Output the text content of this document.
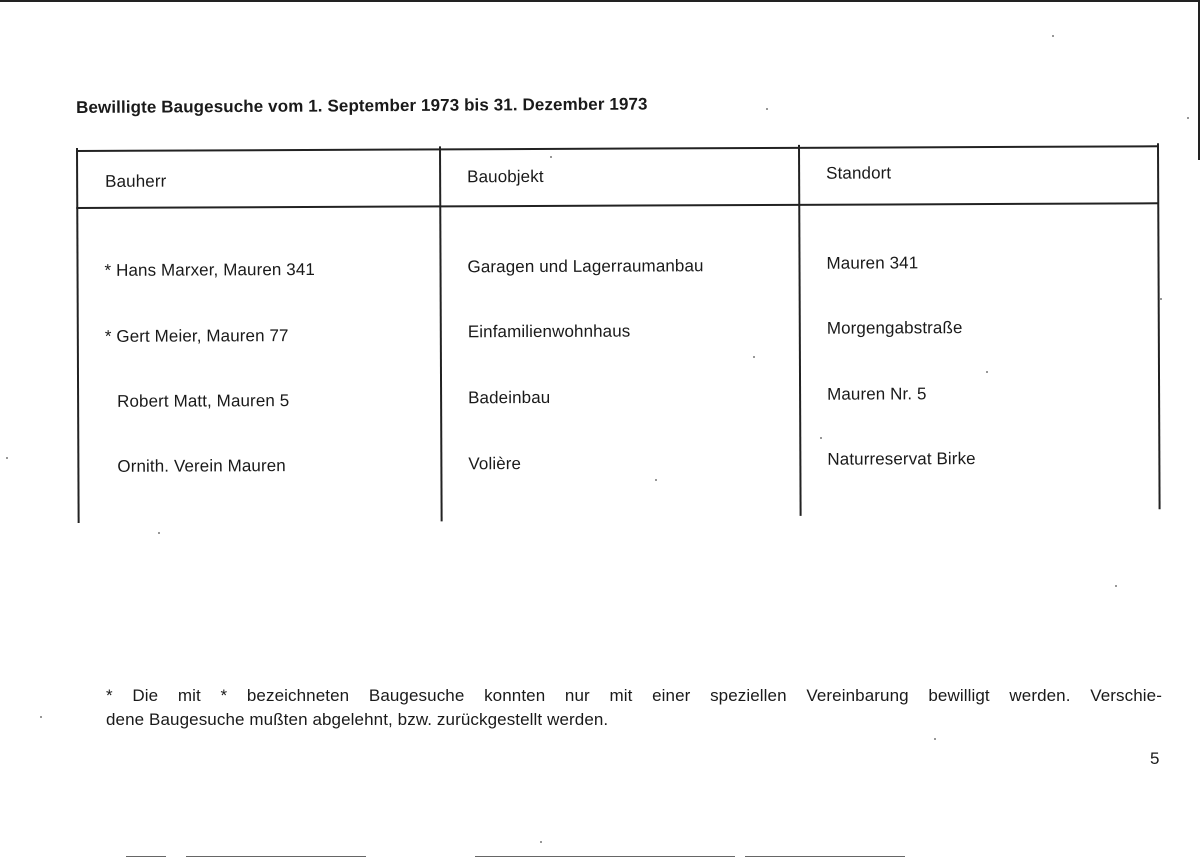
Bewilligte Baugesuche vom 1. September 1973 bis 31. Dezember 1973
Bauherr	Bauobjekt	Standort
* Hans Marxer, Mauren 341	Garagen und Lagerraumanbau	Mauren 341
* Gert Meier, Mauren 77	Einfamilienwohnhaus	Morgengabstraße
Robert Matt, Mauren 5	Badeinbau	Mauren Nr. 5
Ornith. Verein Mauren	Volière	Naturreservat Birke
* Die mit * bezeichneten Baugesuche konnten nur mit einer speziellen Vereinbarung bewilligt werden. Verschie-
dene Baugesuche mußten abgelehnt, bzw. zurückgestellt werden.
5
